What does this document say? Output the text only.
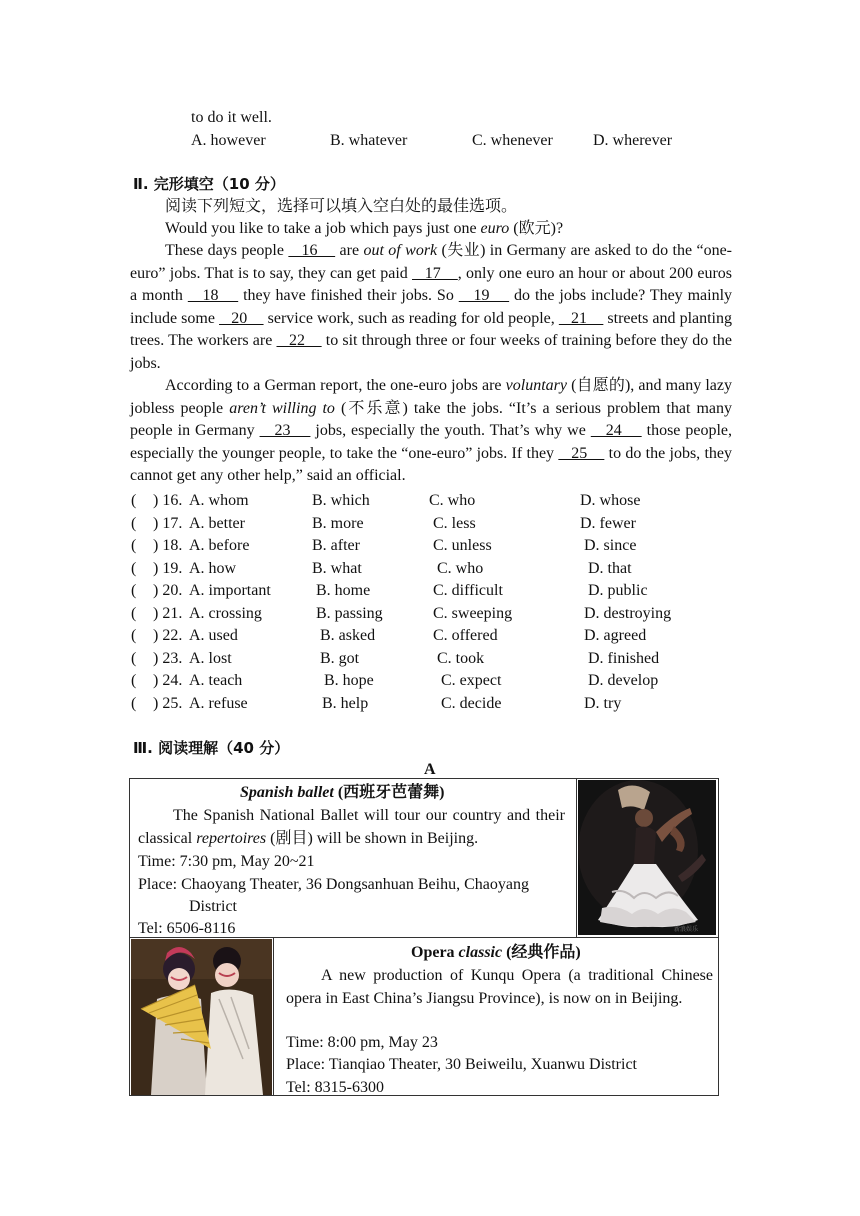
to do it well.
A. however	B. whatever	C. whenever	D. wherever
Ⅱ. 完形填空（10 分）
阅读下列短文，选择可以填入空白处的最佳选项。
Would you like to take a job which pays just one euro (欧元)?
These days people    16     are out of work (失业) in Germany are asked to do the “one-euro” jobs. That is to say, they can get paid    17    , only one euro an hour or about 200 euros a month    18     they have finished their jobs. So    19     do the jobs include? They mainly include some    20     service work, such as reading for old people,    21     streets and planting trees. The workers are    22     to sit through three or four weeks of training before they do the jobs.
According to a German report, the one-euro jobs are voluntary (自愿的), and many lazy jobless people aren’t willing to (不乐意) take the jobs. “It’s a serious problem that many people in Germany    23     jobs, especially the youth. That’s why we    24     those people, especially the younger people, to take the “one-euro” jobs. If they    25     to do the jobs, they cannot get any other help,” said an official.
( ) 16. A. whom	B. which	C. who	D. whose
( ) 17. A. better	B. more	C. less	D. fewer
( ) 18. A. before	B. after	C. unless	D. since
( ) 19. A. how	B. what	C. who	D. that
( ) 20. A. important	B. home	C. difficult	D. public
( ) 21. A. crossing	B. passing	C. sweeping	D. destroying
( ) 22. A. used	B. asked	C. offered	D. agreed
( ) 23. A. lost	B. got	C. took	D. finished
( ) 24. A. teach	B. hope	C. expect	D. develop
( ) 25. A. refuse	B. help	C. decide	D. try
Ⅲ. 阅读理解（40 分）
A
Spanish ballet (西班牙芭蕾舞)
The Spanish National Ballet will tour our country and their classical repertoires (剧目) will be shown in Beijing.
Time: 7:30 pm, May 20~21
Place: Chaoyang Theater, 36 Dongsanhuan Beihu, Chaoyang
District
Tel: 6506-8116	新浪娱乐
Opera classic (经典作品)
A new production of Kunqu Opera (a traditional Chinese opera in East China’s Jiangsu Province), is now on in Beijing.
Time: 8:00 pm, May 23
Place: Tianqiao Theater, 30 Beiweilu, Xuanwu District
Tel: 8315-6300
